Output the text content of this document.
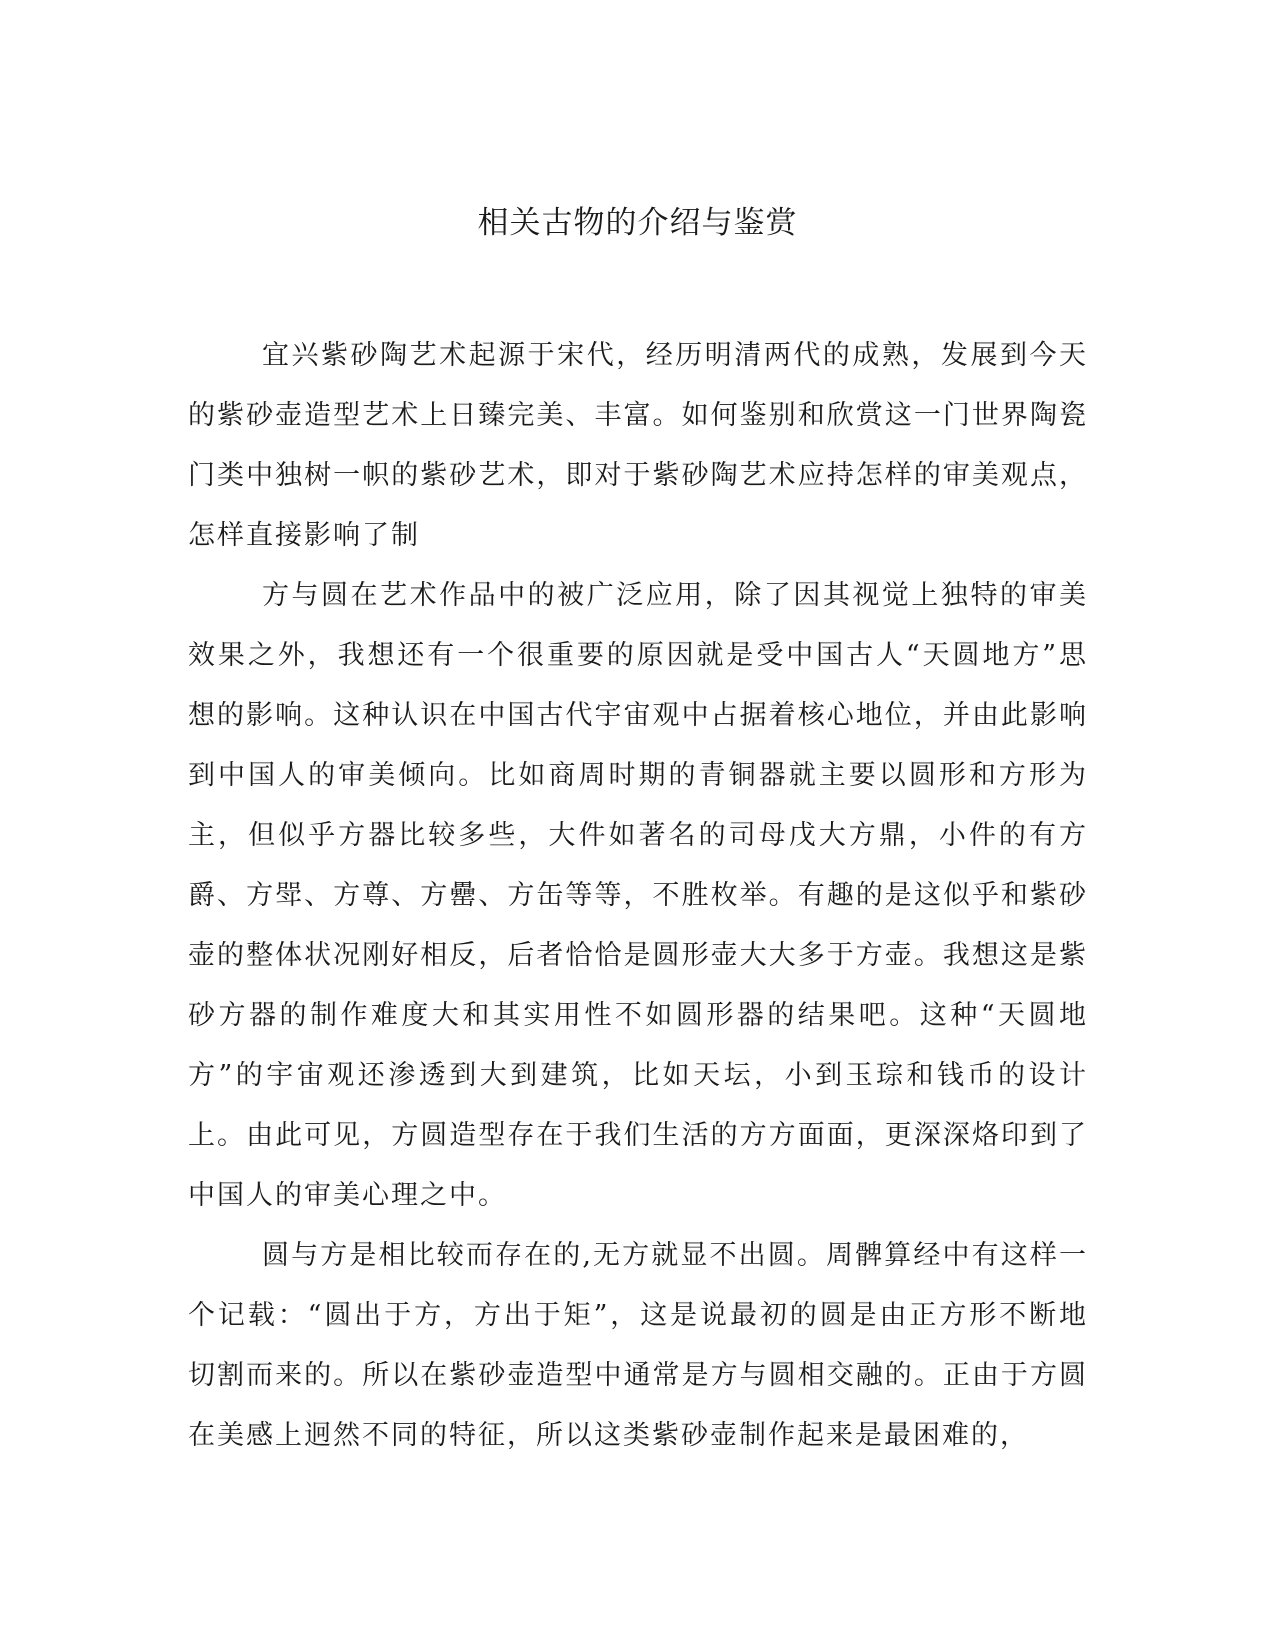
相关古物的介绍与鉴赏

宜兴紫砂陶艺术起源于宋代，经历明清两代的成熟，发展到今天的紫砂壶造型艺术上日臻完美、丰富。如何鉴别和欣赏这一门世界陶瓷门类中独树一帜的紫砂艺术，即对于紫砂陶艺术应持怎样的审美观点，怎样直接影响了制

方与圆在艺术作品中的被广泛应用，除了因其视觉上独特的审美效果之外，我想还有一个很重要的原因就是受中国古人“天圆地方”思想的影响。这种认识在中国古代宇宙观中占据着核心地位，并由此影响到中国人的审美倾向。比如商周时期的青铜器就主要以圆形和方形为主，但似乎方器比较多些，大件如著名的司母戊大方鼎，小件的有方爵、方斝、方尊、方罍、方缶等等，不胜枚举。有趣的是这似乎和紫砂壶的整体状况刚好相反，后者恰恰是圆形壶大大多于方壶。我想这是紫砂方器的制作难度大和其实用性不如圆形器的结果吧。这种“天圆地方”的宇宙观还渗透到大到建筑，比如天坛，小到玉琮和钱币的设计上。由此可见，方圆造型存在于我们生活的方方面面，更深深烙印到了中国人的审美心理之中。

圆与方是相比较而存在的,无方就显不出圆。周髀算经中有这样一个记载：“圆出于方，方出于矩”，这是说最初的圆是由正方形不断地切割而来的。所以在紫砂壶造型中通常是方与圆相交融的。正由于方圆在美感上迥然不同的特征，所以这类紫砂壶制作起来是最困难的，
